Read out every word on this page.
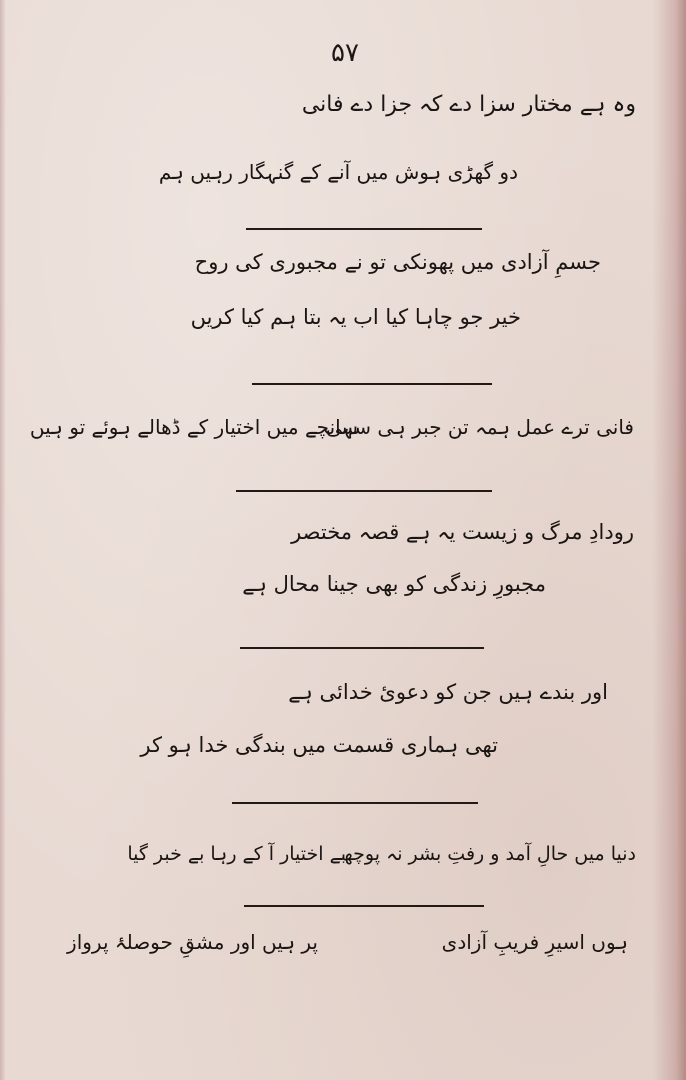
۵۷
وہ ہے مختار سزا دے کہ جزا دے فانی
دو گھڑی ہوش میں آنے کے گنہگار رہیں ہم
جسمِ آزادی میں پھونکی تو نے مجبوری کی روح
خیر جو چاہا کیا اب یہ بتا ہم کیا کریں
فانی ترے عمل ہمہ تن جبر ہی سہی
سانچے میں اختیار کے ڈھالے ہوئے تو ہیں
رودادِ مرگ و زیست یہ ہے قصہ مختصر
مجبورِ زندگی کو بھی جینا محال ہے
اور بندے ہیں جن کو دعویٔ خدائی ہے
تھی ہماری قسمت میں بندگی خدا ہو کر
دنیا میں حالِ آمد و رفتِ بشر نہ پوچھ
بے اختیار آ کے رہا بے خبر گیا
ہوں اسیرِ فریبِ آزادی
پر ہیں اور مشقِ حوصلۂ پرواز
